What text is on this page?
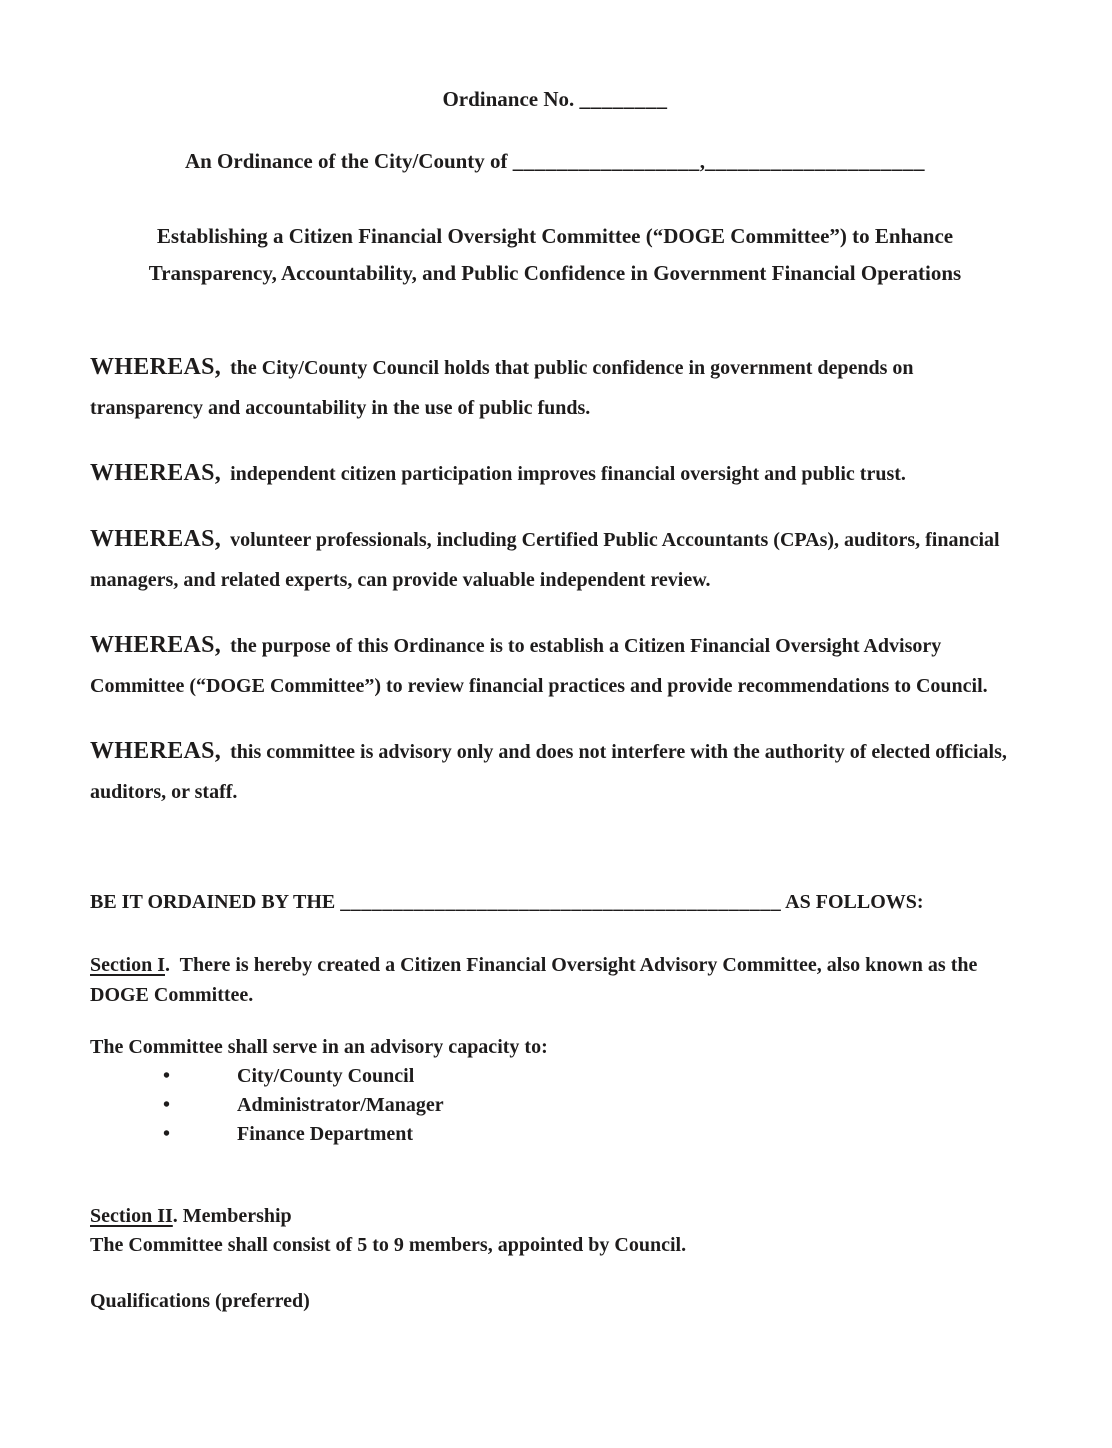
Ordinance No. ________
An Ordinance of the City/County of _________________,____________________
Establishing a Citizen Financial Oversight Committee (“DOGE Committee”) to Enhance
Transparency, Accountability, and Public Confidence in Government Financial Operations

WHEREAS, the City/County Council holds that public confidence in government depends on transparency and accountability in the use of public funds.

WHEREAS, independent citizen participation improves financial oversight and public trust.

WHEREAS, volunteer professionals, including Certified Public Accountants (CPAs), auditors, financial managers, and related experts, can provide valuable independent review.

WHEREAS, the purpose of this Ordinance is to establish a Citizen Financial Oversight Advisory Committee (“DOGE Committee”) to review financial practices and provide recommendations to Council.

WHEREAS, this committee is advisory only and does not interfere with the authority of elected officials, auditors, or staff.

BE IT ORDAINED BY THE __________________________________________ AS FOLLOWS:

Section I.  There is hereby created a Citizen Financial Oversight Advisory Committee, also known as the DOGE Committee.

The Committee shall serve in an advisory capacity to:

•	City/County Council
•	Administrator/Manager
•	Finance Department
Section II. Membership
The Committee shall consist of 5 to 9 members, appointed by Council.

Qualifications (preferred)
